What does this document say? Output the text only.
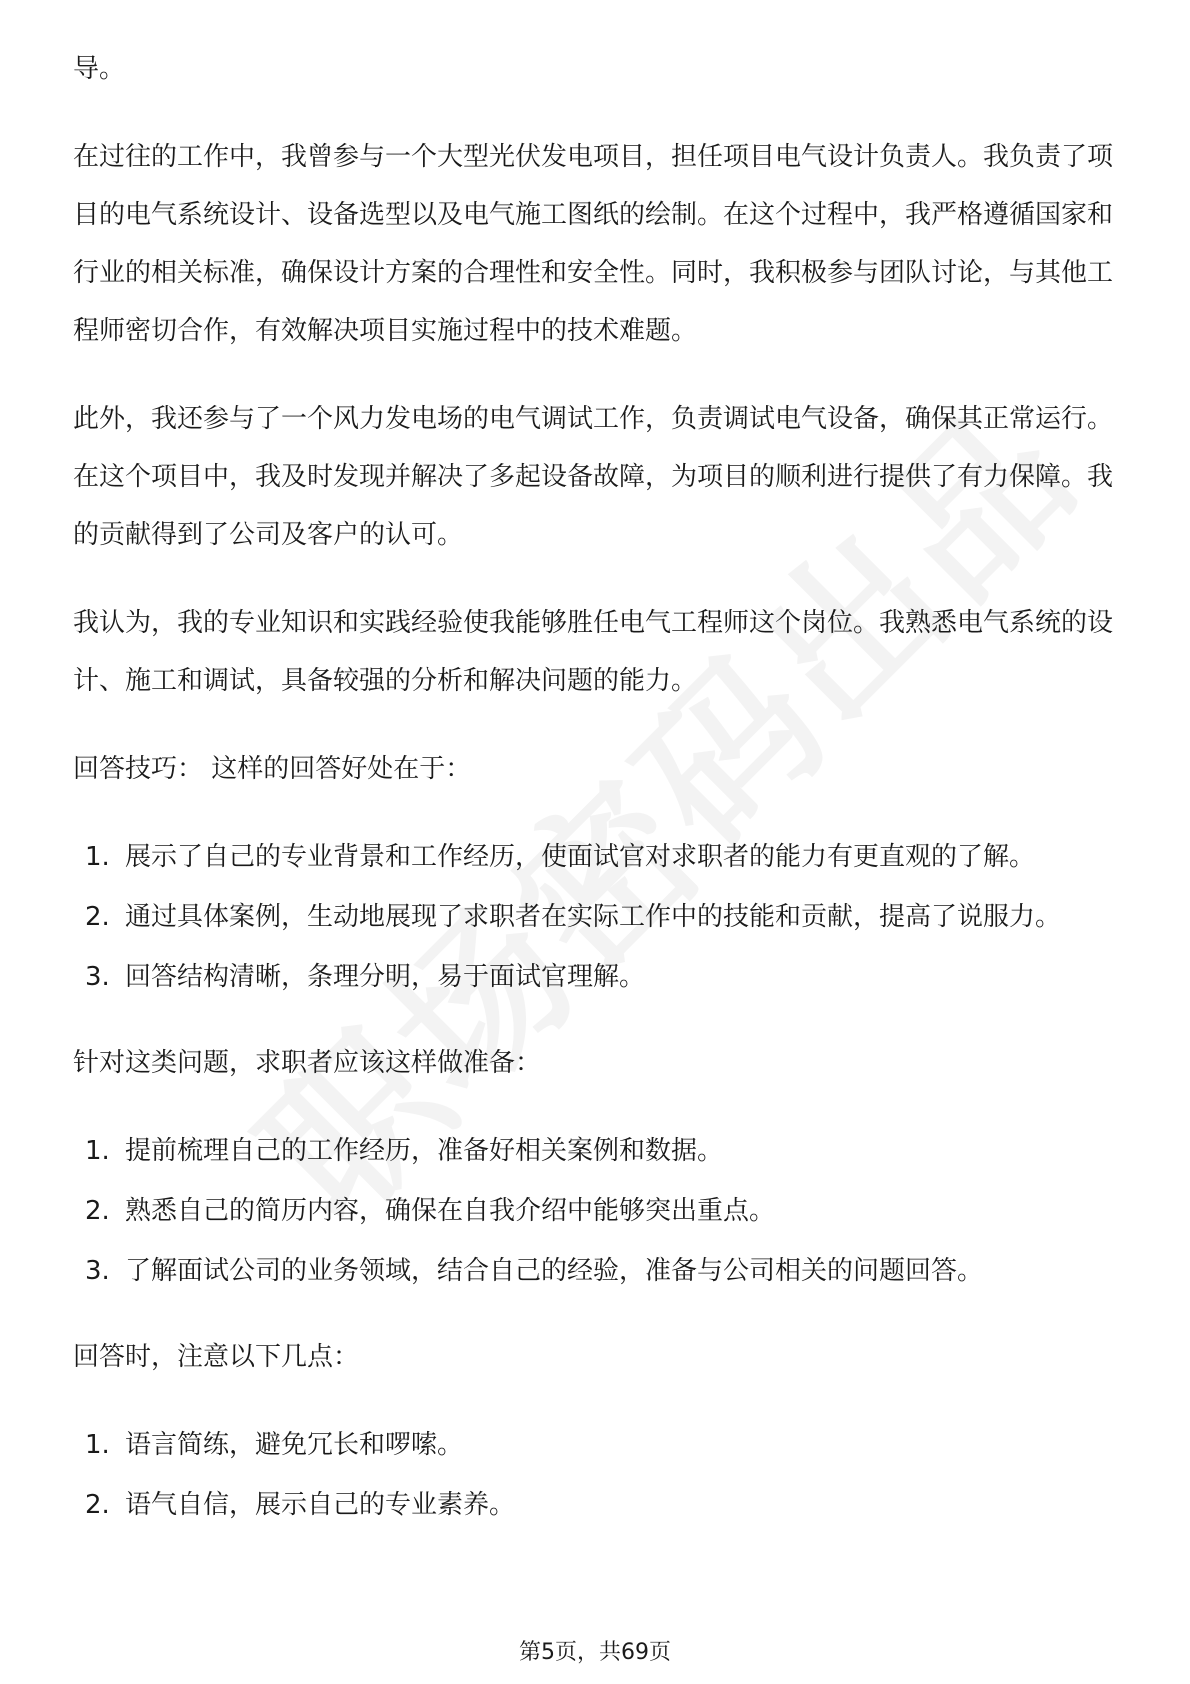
导。

在过往的工作中，我曾参与一个大型光伏发电项目，担任项目电气设计负责人。我负责了项目的电气系统设计、设备选型以及电气施工图纸的绘制。在这个过程中，我严格遵循国家和行业的相关标准，确保设计方案的合理性和安全性。同时，我积极参与团队讨论，与其他工程师密切合作，有效解决项目实施过程中的技术难题。

此外，我还参与了一个风力发电场的电气调试工作，负责调试电气设备，确保其正常运行。在这个项目中，我及时发现并解决了多起设备故障，为项目的顺利进行提供了有力保障。我的贡献得到了公司及客户的认可。

我认为，我的专业知识和实践经验使我能够胜任电气工程师这个岗位。我熟悉电气系统的设计、施工和调试，具备较强的分析和解决问题的能力。

回答技巧： 这样的回答好处在于：

1. 展示了自己的专业背景和工作经历，使面试官对求职者的能力有更直观的了解。
2. 通过具体案例，生动地展现了求职者在实际工作中的技能和贡献，提高了说服力。
3. 回答结构清晰，条理分明，易于面试官理解。

针对这类问题，求职者应该这样做准备：

1. 提前梳理自己的工作经历，准备好相关案例和数据。
2. 熟悉自己的简历内容，确保在自我介绍中能够突出重点。
3. 了解面试公司的业务领域，结合自己的经验，准备与公司相关的问题回答。

回答时，注意以下几点：

1. 语言简练，避免冗长和啰嗦。
2. 语气自信，展示自己的专业素养。
第5页，共69页
